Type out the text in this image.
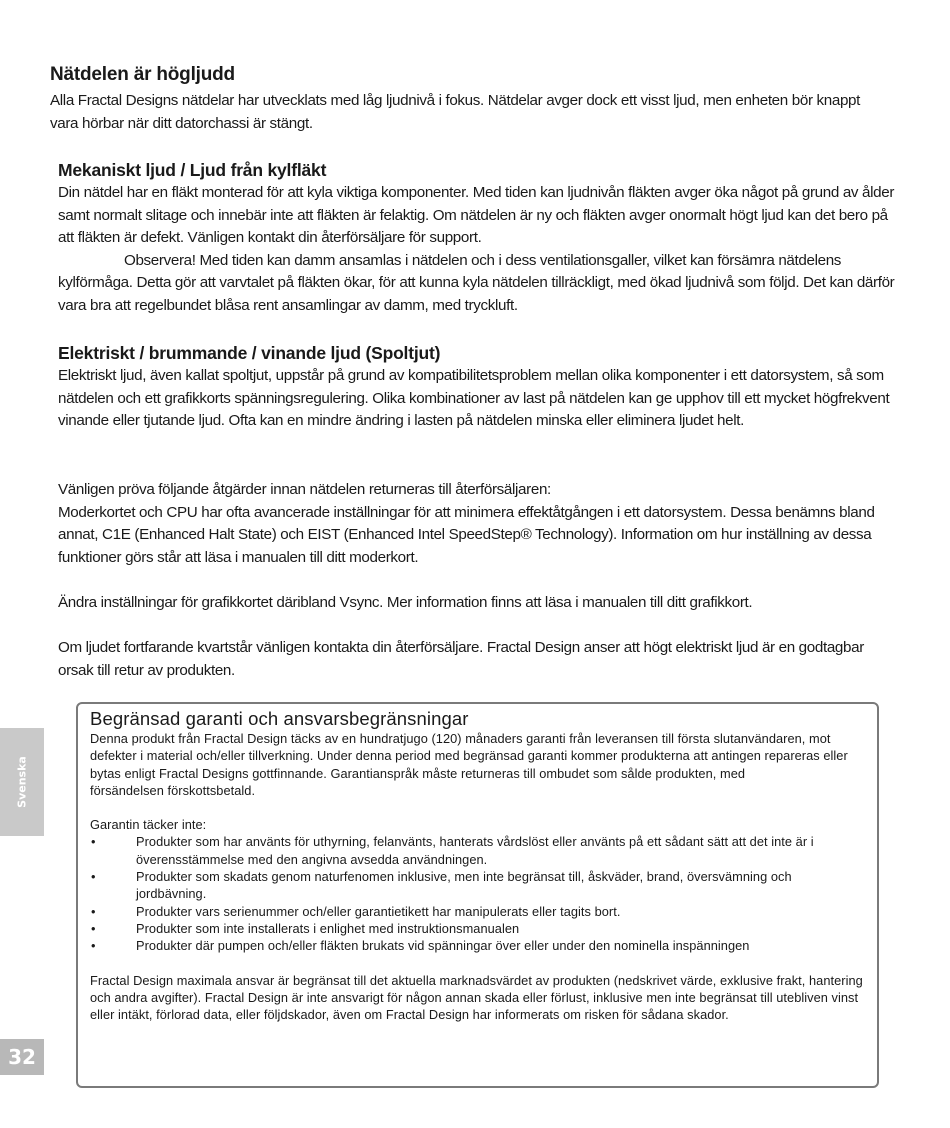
Nätdelen är högljudd

Alla Fractal Designs nätdelar har utvecklats med låg ljudnivå i fokus. Nätdelar avger dock ett visst ljud, men enheten bör knappt vara hörbar när ditt datorchassi är stängt.

Mekaniskt ljud / Ljud från kylfläkt

Din nätdel har en fläkt monterad för att kyla viktiga komponenter. Med tiden kan ljudnivån fläkten avger öka något på grund av ålder samt normalt slitage och innebär inte att fläkten är felaktig. Om nätdelen är ny och fläkten avger onormalt högt ljud kan det bero på att fläkten är defekt. Vänligen kontakt din återförsäljare för support.

Observera! Med tiden kan damm ansamlas i nätdelen och i dess ventilationsgaller, vilket kan försämra nätdelens kylförmåga. Detta gör att varvtalet på fläkten ökar, för att kunna kyla nätdelen tillräckligt, med ökad ljudnivå som följd. Det kan därför vara bra att regelbundet blåsa rent ansamlingar av damm, med tryckluft.

Elektriskt / brummande / vinande ljud (Spoltjut)

Elektriskt ljud, även kallat spoltjut, uppstår på grund av kompatibilitetsproblem mellan olika komponenter i ett datorsystem, så som nätdelen och ett grafikkorts spänningsregulering. Olika kombinationer av last på nätdelen kan ge upphov till ett mycket högfrekvent vinande eller tjutande ljud. Ofta kan en mindre ändring i lasten på nätdelen minska eller eliminera ljudet helt.

Vänligen pröva följande åtgärder innan nätdelen returneras till återförsäljaren:

Moderkortet och CPU har ofta avancerade inställningar för att minimera effektåtgången i ett datorsystem. Dessa benämns bland annat, C1E (Enhanced Halt State) och EIST (Enhanced Intel SpeedStep® Technology). Information om hur inställning av dessa funktioner görs står att läsa i manualen till ditt moderkort.

Ändra inställningar för grafikkortet däribland Vsync. Mer information finns att läsa i manualen till ditt grafikkort.

Om ljudet fortfarande kvartstår vänligen kontakta din återförsäljare. Fractal Design anser att högt elektriskt ljud är en godtagbar orsak till retur av produkten.

Begränsad garanti och ansvarsbegränsningar

Denna produkt från Fractal Design täcks av en hundratjugo (120) månaders garanti från leveransen till första slutanvändaren, mot defekter i material och/eller tillverkning. Under denna period med begränsad garanti kommer produkterna att antingen repareras eller bytas enligt Fractal Designs gottfinnande. Garantianspråk måste returneras till ombudet som sålde produkten, med

försändelsen förskottsbetald.

Garantin täcker inte:

•	Produkter som har använts för uthyrning, felanvänts, hanterats vårdslöst eller använts på ett sådant sätt att det inte är i överensstämmelse med den angivna avsedda användningen.
•	Produkter som skadats genom naturfenomen inklusive, men inte begränsat till, åskväder, brand, översvämning och jordbävning.
•	Produkter vars serienummer och/eller garantietikett har manipulerats eller tagits bort.
•	Produkter som inte installerats i enlighet med instruktionsmanualen
•	Produkter där pumpen och/eller fläkten brukats vid spänningar över eller under den nominella inspänningen

Fractal Design maximala ansvar är begränsat till det aktuella marknadsvärdet av produkten (nedskrivet värde, exklusive frakt, hantering och andra avgifter). Fractal Design är inte ansvarigt för någon annan skada eller förlust, inklusive men inte begränsat till utebliven vinst eller intäkt, förlorad data, eller följdskador, även om Fractal Design har informerats om risken för sådana skador.

Svenska
32
